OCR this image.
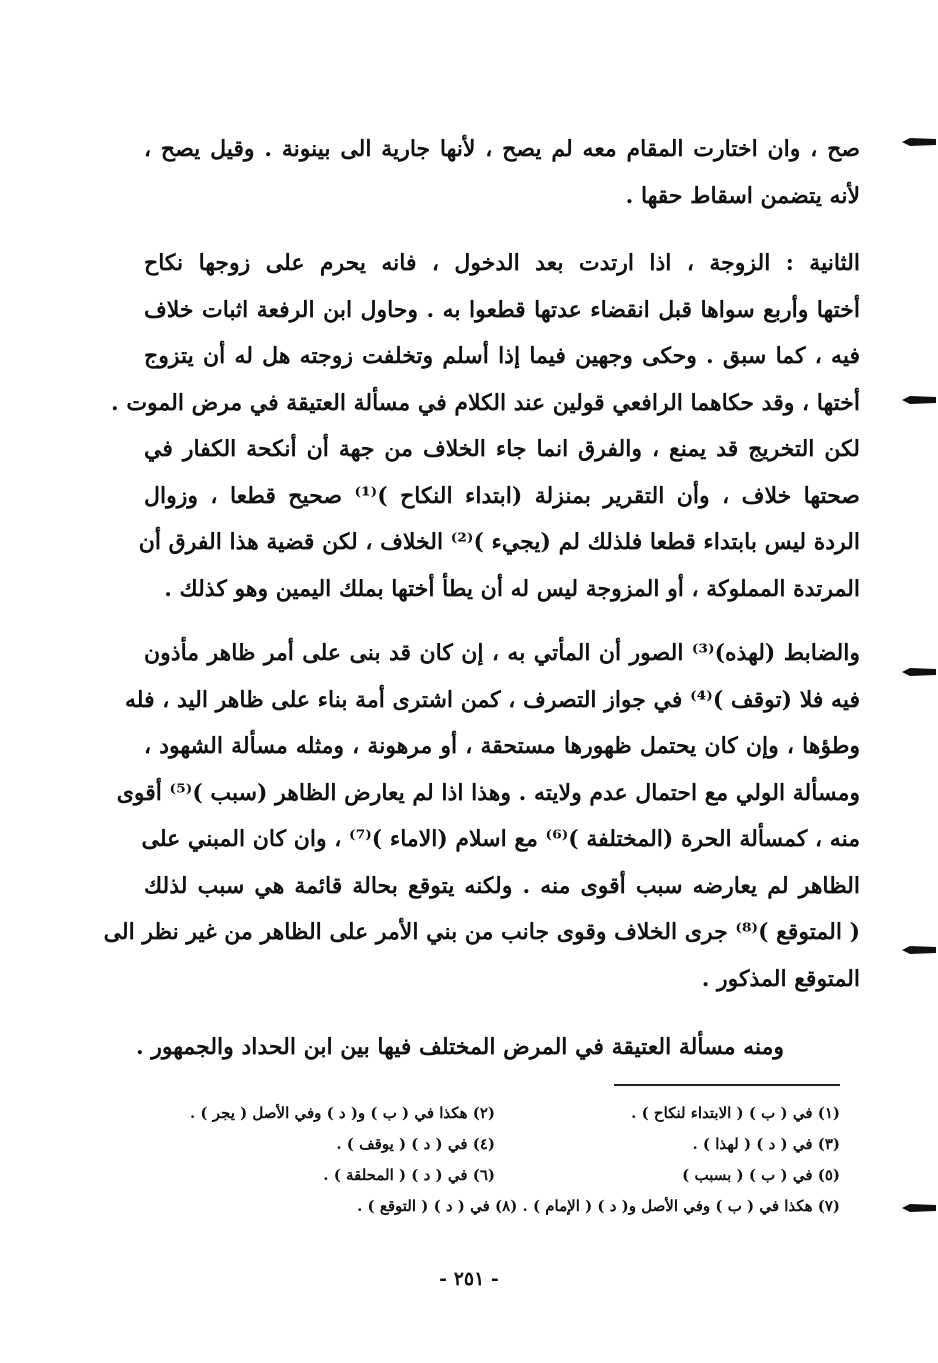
صح ، وان اختارت المقام معه لم يصح ، لأنها جارية الى بينونة . وقيل يصح ،
لأنه يتضمن اسقاط حقها .
الثانية : الزوجة ، اذا ارتدت بعد الدخول ، فانه يحرم على زوجها نكاح
أختها وأربع سواها قبل انقضاء عدتها قطعوا به . وحاول ابن الرفعة اثبات خلاف
فيه ، كما سبق . وحكى وجهين فيما إذا أسلم وتخلفت زوجته هل له أن يتزوج
أختها ، وقد حكاهما الرافعي قولين عند الكلام في مسألة العتيقة في مرض الموت .
لكن التخريج قد يمنع ، والفرق انما جاء الخلاف من جهة أن أنكحة الكفار في
صحتها خلاف ، وأن التقرير بمنزلة (ابتداء النكاح )⁽¹⁾ صحيح قطعا ، وزوال
الردة ليس بابتداء قطعا فلذلك لم (يجيء )⁽²⁾ الخلاف ، لكن قضية هذا الفرق أن
المرتدة المملوكة ، أو المزوجة ليس له أن يطأ أختها بملك اليمين وهو كذلك .
والضابط (لهذه)⁽³⁾ الصور أن المأتي به ، إن كان قد بنى على أمر ظاهر مأذون
فيه فلا (توقف )⁽⁴⁾ في جواز التصرف ، كمن اشترى أمة بناء على ظاهر اليد ، فله
وطؤها ، وإن كان يحتمل ظهورها مستحقة ، أو مرهونة ، ومثله مسألة الشهود ،
ومسألة الولي مع احتمال عدم ولايته . وهذا اذا لم يعارض الظاهر (سبب )⁽⁵⁾ أقوى
منه ، كمسألة الحرة (المختلفة )⁽⁶⁾ مع اسلام (الاماء )⁽⁷⁾ ، وان كان المبني على
الظاهر لم يعارضه سبب أقوى منه . ولكنه يتوقع بحالة قائمة هي سبب لذلك
( المتوقع )⁽⁸⁾ جرى الخلاف وقوى جانب من بني الأمر على الظاهر من غير نظر الى
المتوقع المذكور .
ومنه مسألة العتيقة في المرض المختلف فيها بين ابن الحداد والجمهور .
(١) في ( ب ) ( الابتداء لنكاح ) .
(٢) هكذا في ( ب ) و( د ) وفي الأصل ( يجر ) .
(٣) في ( د ) ( لهذا ) .
(٤) في ( د ) ( يوقف ) .
(٥) في ( ب ) ( بسبب )
(٦) في ( د ) ( المحلقة ) .
(٧) هكذا في ( ب ) وفي الأصل و( د ) ( الإمام ) . (٨) في ( د ) ( التوقع ) .
- ٢٥١ -
